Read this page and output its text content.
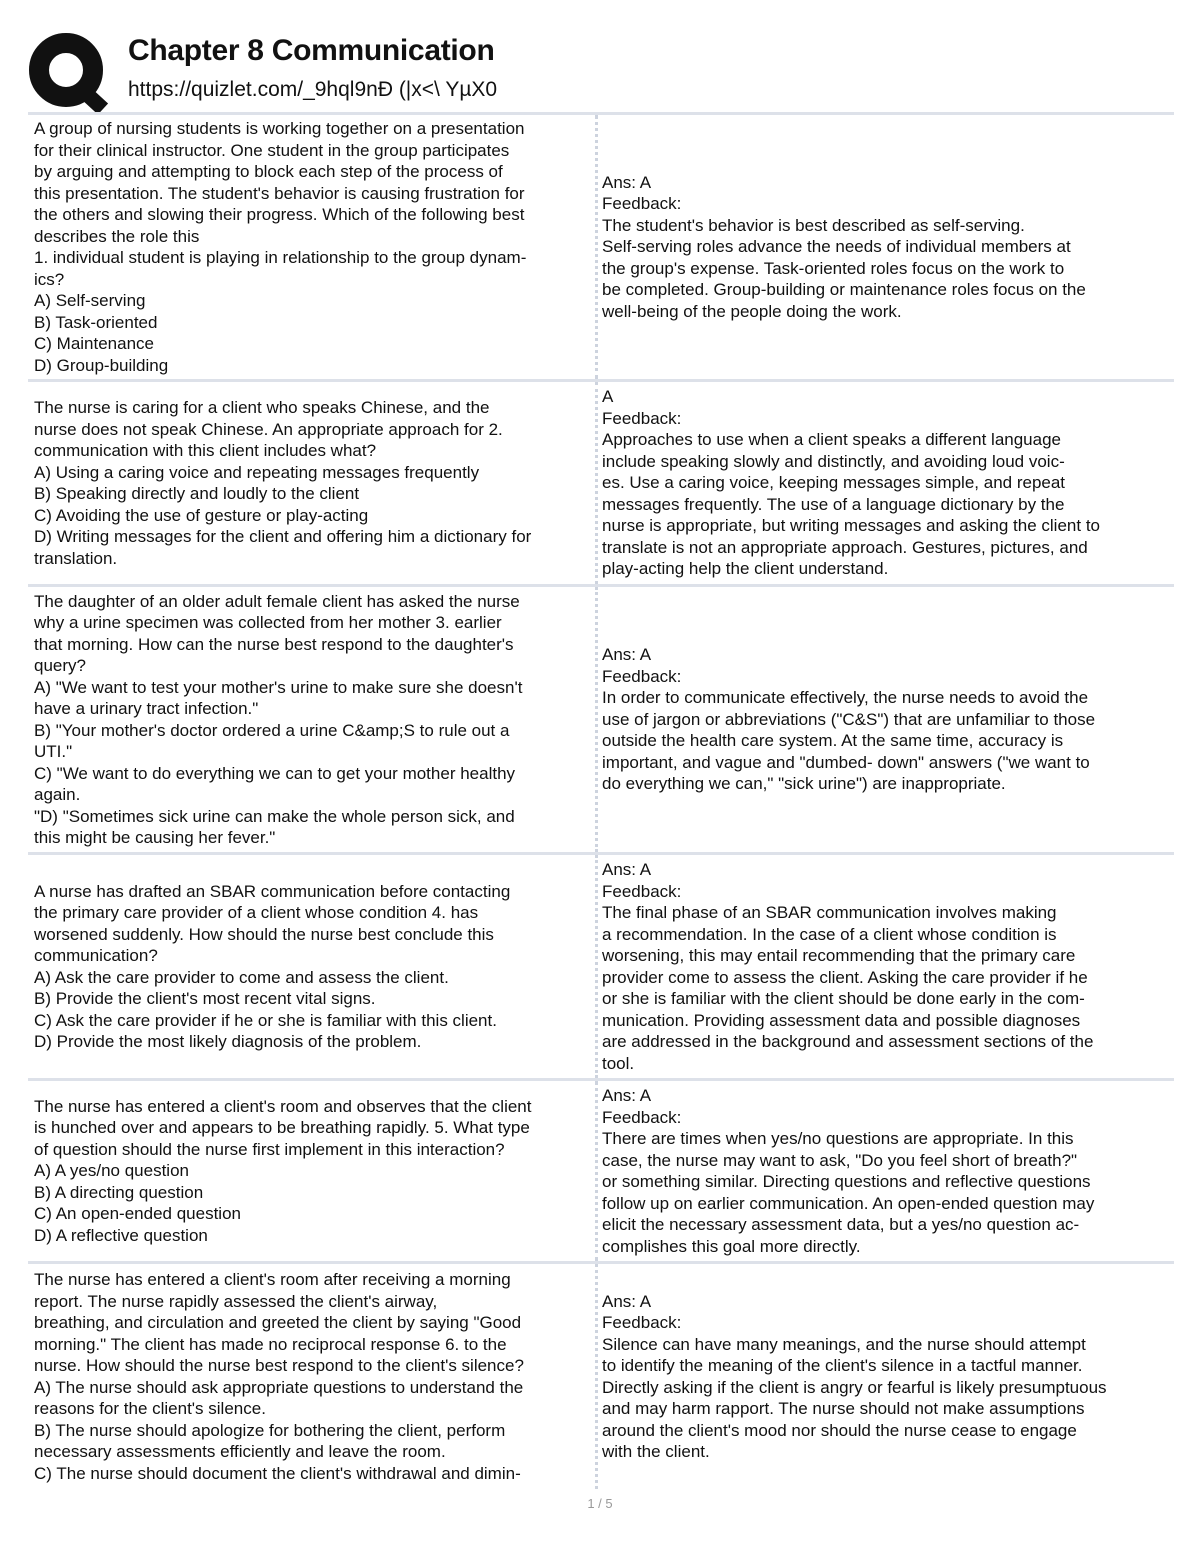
Chapter 8 Communication
https://quizlet.com/_9hql9nÐ (|x<\ YµX0
A group of nursing students is working together on a presentation
for their clinical instructor. One student in the group participates
by arguing and attempting to block each step of the process of
this presentation. The student's behavior is causing frustration for
the others and slowing their progress. Which of the following best
describes the role this
1. individual student is playing in relationship to the group dynam-
ics?
A) Self-serving
B) Task-oriented
C) Maintenance
D) Group-building
Ans: A
Feedback:
The student's behavior is best described as self-serving.
Self-serving roles advance the needs of individual members at
the group's expense. Task-oriented roles focus on the work to
be completed. Group-building or maintenance roles focus on the
well-being of the people doing the work.
The nurse is caring for a client who speaks Chinese, and the
nurse does not speak Chinese. An appropriate approach for 2.
communication with this client includes what?
A) Using a caring voice and repeating messages frequently
B) Speaking directly and loudly to the client
C) Avoiding the use of gesture or play-acting
D) Writing messages for the client and offering him a dictionary for
translation.
A
Feedback:
Approaches to use when a client speaks a different language
include speaking slowly and distinctly, and avoiding loud voic-
es. Use a caring voice, keeping messages simple, and repeat
messages frequently. The use of a language dictionary by the
nurse is appropriate, but writing messages and asking the client to
translate is not an appropriate approach. Gestures, pictures, and
play-acting help the client understand.
The daughter of an older adult female client has asked the nurse
why a urine specimen was collected from her mother 3. earlier
that morning. How can the nurse best respond to the daughter's
query?
A) "We want to test your mother's urine to make sure she doesn't
have a urinary tract infection."
B) "Your mother's doctor ordered a urine C&amp;S to rule out a
UTI."
C) "We want to do everything we can to get your mother healthy
again.
"D) "Sometimes sick urine can make the whole person sick, and
this might be causing her fever."
Ans: A
Feedback:
In order to communicate effectively, the nurse needs to avoid the
use of jargon or abbreviations ("C&S") that are unfamiliar to those
outside the health care system. At the same time, accuracy is
important, and vague and "dumbed- down" answers ("we want to
do everything we can," "sick urine") are inappropriate.
A nurse has drafted an SBAR communication before contacting
the primary care provider of a client whose condition 4. has
worsened suddenly. How should the nurse best conclude this
communication?
A) Ask the care provider to come and assess the client.
B) Provide the client's most recent vital signs.
C) Ask the care provider if he or she is familiar with this client.
D) Provide the most likely diagnosis of the problem.
Ans: A
Feedback:
The final phase of an SBAR communication involves making
a recommendation. In the case of a client whose condition is
worsening, this may entail recommending that the primary care
provider come to assess the client. Asking the care provider if he
or she is familiar with the client should be done early in the com-
munication. Providing assessment data and possible diagnoses
are addressed in the background and assessment sections of the
tool.
The nurse has entered a client's room and observes that the client
is hunched over and appears to be breathing rapidly. 5. What type
of question should the nurse first implement in this interaction?
A) A yes/no question
B) A directing question
C) An open-ended question
D) A reflective question
Ans: A
Feedback:
There are times when yes/no questions are appropriate. In this
case, the nurse may want to ask, "Do you feel short of breath?"
or something similar. Directing questions and reflective questions
follow up on earlier communication. An open-ended question may
elicit the necessary assessment data, but a yes/no question ac-
complishes this goal more directly.
The nurse has entered a client's room after receiving a morning
report. The nurse rapidly assessed the client's airway,
breathing, and circulation and greeted the client by saying "Good
morning." The client has made no reciprocal response 6. to the
nurse. How should the nurse best respond to the client's silence?
A) The nurse should ask appropriate questions to understand the
reasons for the client's silence.
B) The nurse should apologize for bothering the client, perform
necessary assessments efficiently and leave the room.
C) The nurse should document the client's withdrawal and dimin-
Ans: A
Feedback:
Silence can have many meanings, and the nurse should attempt
to identify the meaning of the client's silence in a tactful manner.
Directly asking if the client is angry or fearful is likely presumptuous
and may harm rapport. The nurse should not make assumptions
around the client's mood nor should the nurse cease to engage
with the client.
1 / 5
